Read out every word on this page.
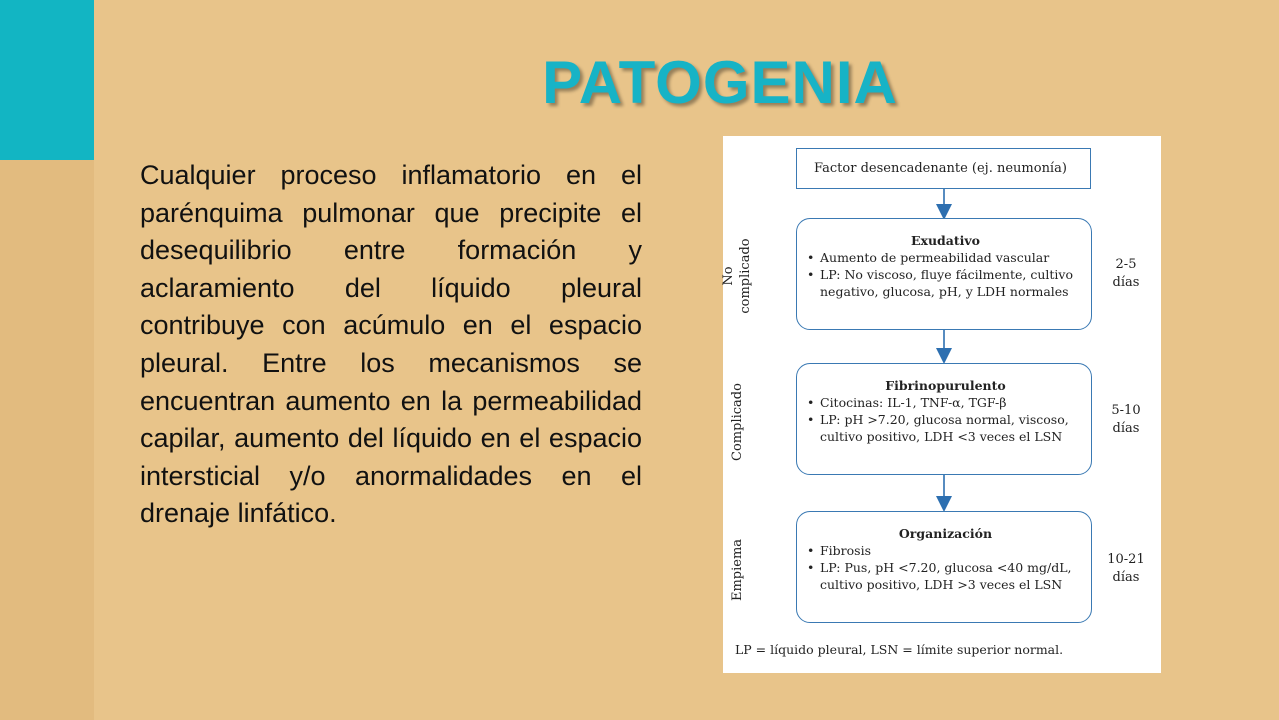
PATOGENIA

Cualquier proceso inflamatorio en el parénquima pulmonar que precipite el desequilibrio entre formación y aclaramiento del líquido pleural contribuye con acúmulo en el espacio pleural. Entre los mecanismos se encuentran aumento en la permeabilidad capilar, aumento del líquido en el espacio intersticial y/o anormalidades en el drenaje linfático.

Factor desencadenante (ej. neumonía)
No complicado	Exudativo
• Aumento de permeabilidad vascular
• LP: No viscoso, fluye fácilmente, cultivo negativo, glucosa, pH, y LDH normales
2-5
días
Complicado	Fibrinopurulento
• Citocinas: IL-1, TNF-α, TGF-β
• LP: pH >7.20, glucosa normal, viscoso, cultivo positivo, LDH <3 veces el LSN
5-10
días
Empiema
Organización
• Fibrosis
• LP: Pus, pH <7.20, glucosa <40 mg/dL, cultivo positivo, LDH >3 veces el LSN
10-21
días
LP = líquido pleural, LSN = límite superior normal.
